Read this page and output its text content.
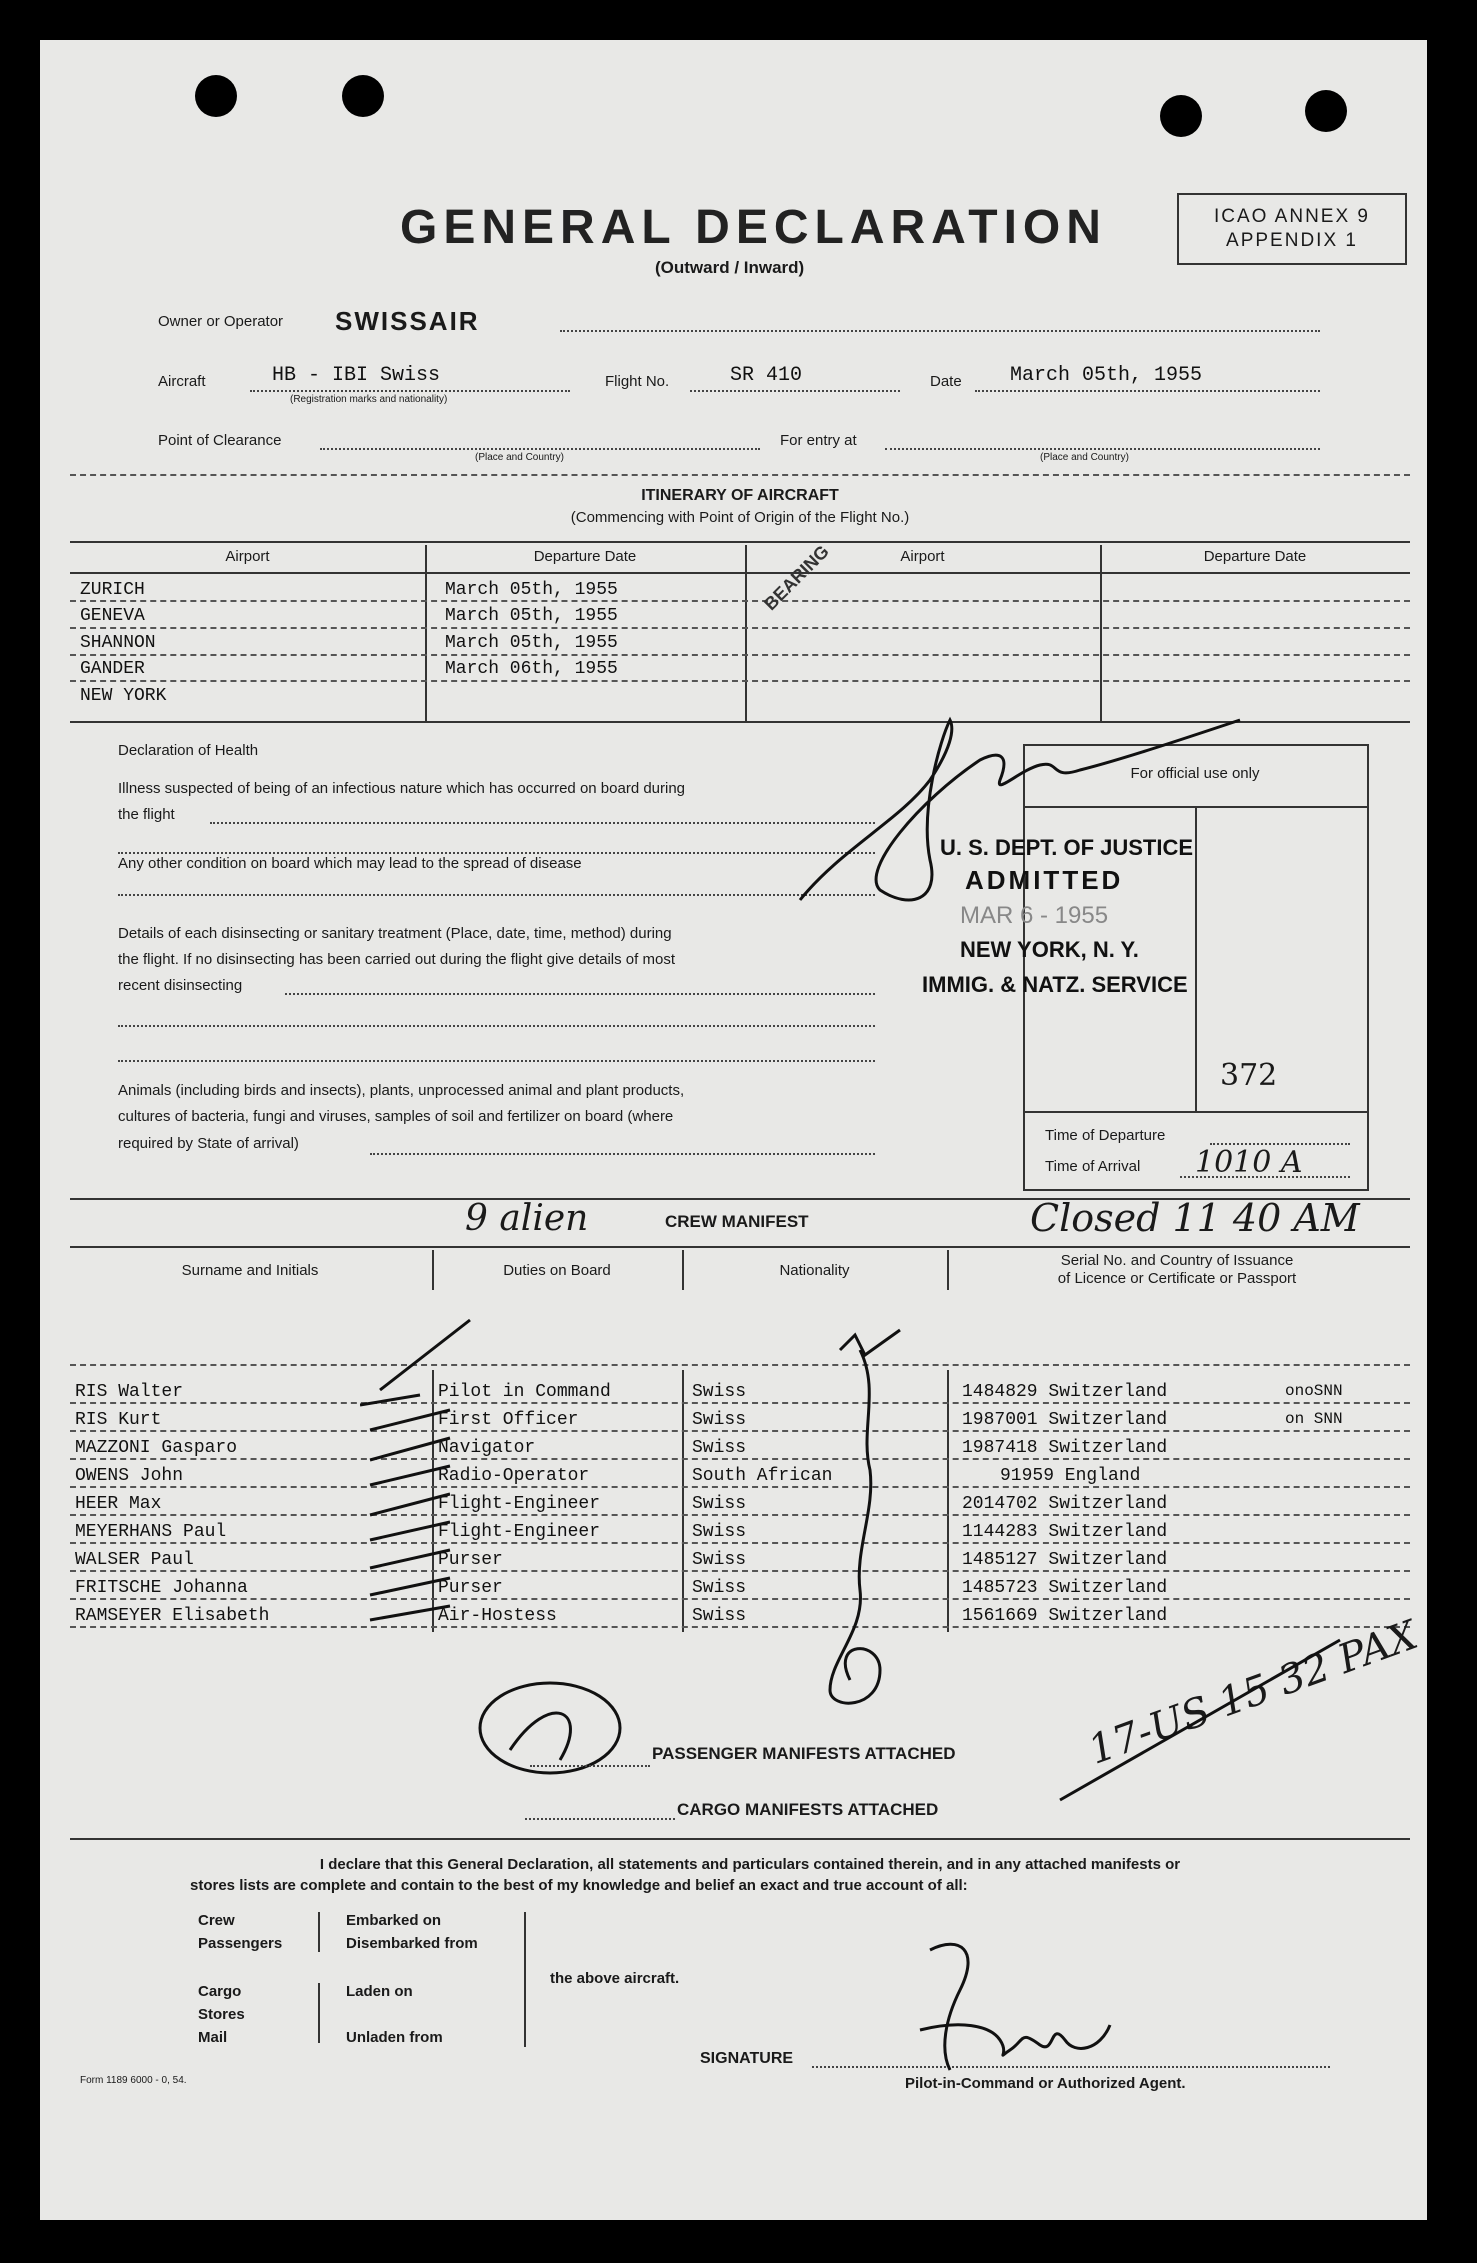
GENERAL DECLARATION
(Outward / Inward)
ICAO ANNEX 9
APPENDIX 1
Owner or Operator SWISSAIR
Aircraft	HB - IBI Swiss
(Registration marks and nationality)
Flight No.	SR 410	Date March 05th, 1955
Point of Clearance
(Place and Country)
For entry at
(Place and Country)
ITINERARY OF AIRCRAFT
(Commencing with Point of Origin of the Flight No.)
Airport	Departure Date	Airport	Departure Date
ZURICH	March 05th, 1955
GENEVA	March 05th, 1955
SHANNON	March 05th, 1955
GANDER	March 06th, 1955
NEW YORK
BEARING
Declaration of Health
Illness suspected of being of an infectious nature which has occurred on board during
the flight
Any other condition on board which may lead to the spread of disease
Details of each disinsecting or sanitary treatment (Place, date, time, method) during
the flight. If no disinsecting has been carried out during the flight give details of most
recent disinsecting
Animals (including birds and insects), plants, unprocessed animal and plant products,
cultures of bacteria, fungi and viruses, samples of soil and fertilizer on board (where
required by State of arrival)
For official use only
U. S. DEPT. OF JUSTICE
ADMITTED
MAR 6 - 1955
NEW YORK, N. Y.
IMMIG. & NATZ. SERVICE
372
Time of Departure
Time of Arrival 1010 A
9 alien	CREW MANIFEST	Closed 11 40 AM
Surname and Initials	Duties on Board	Nationality
Serial No. and Country of Issuance
of Licence or Certificate or Passport
RIS Walter	Pilot in Command	Swiss	1484829 Switzerland	onoSNN
RIS Kurt	First Officer	Swiss	1987001 Switzerland	on SNN
MAZZONI Gasparo	Navigator	Swiss	1987418 Switzerland
OWENS John	Radio-Operator	South African	91959 England
HEER Max	Flight-Engineer	Swiss	2014702 Switzerland
MEYERHANS Paul	Flight-Engineer	Swiss	1144283 Switzerland
WALSER Paul	Purser	Swiss	1485127 Switzerland
FRITSCHE Johanna	Purser	Swiss	1485723 Switzerland
RAMSEYER Elisabeth	Air-Hostess	Swiss	1561669 Switzerland
PASSENGER MANIFESTS ATTACHED
CARGO MANIFESTS ATTACHED
17-US 15 32 PAX
I declare that this General Declaration, all statements and particulars contained therein, and in any attached manifests or
stores lists are complete and contain to the best of my knowledge and belief an exact and true account of all:
Crew
Passengers
Cargo
Stores
Mail
Embarked on
Disembarked from
Laden on
Unladen from
the above aircraft.
SIGNATURE
Pilot-in-Command or Authorized Agent.
Form 1189 6000 - 0, 54.
